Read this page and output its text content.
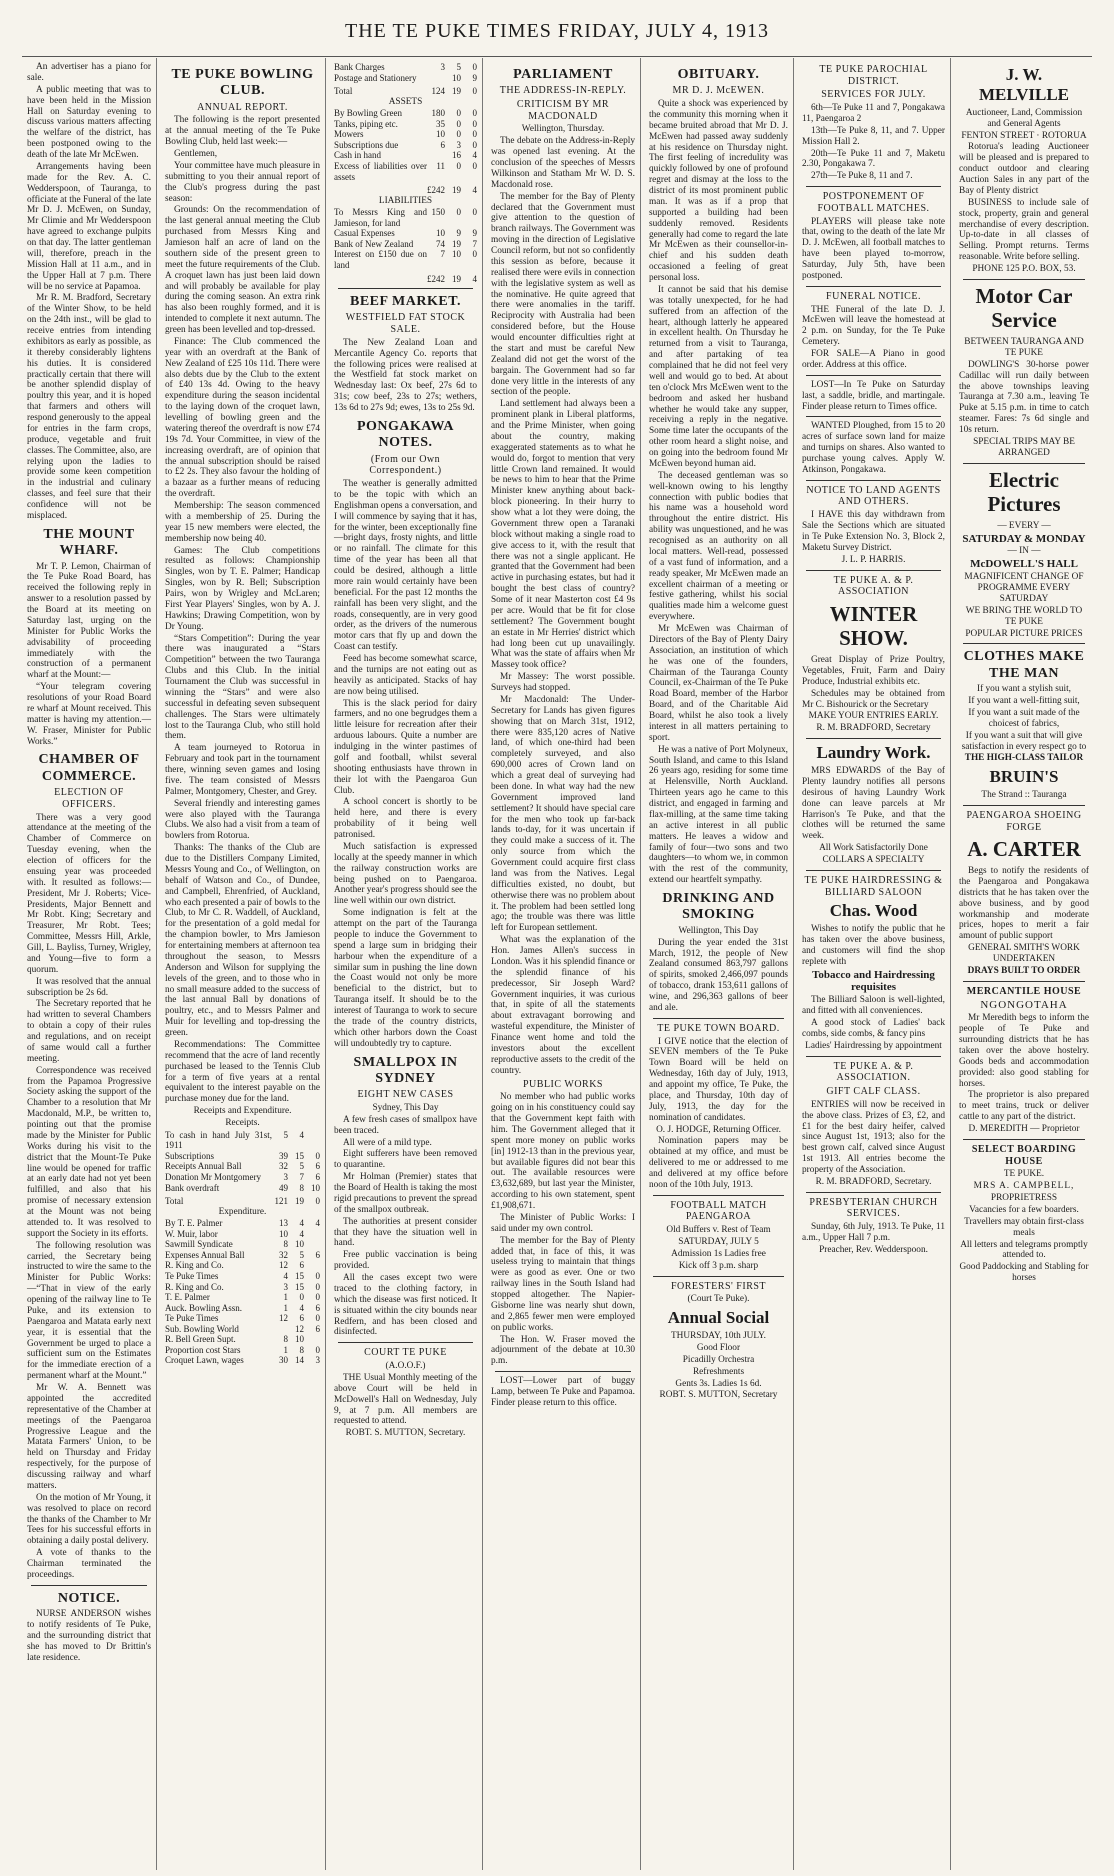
THE TE PUKE TIMES FRIDAY, JULY 4, 1913

An advertiser has a piano for sale.

A public meeting that was to have been held in the Mission Hall on Saturday evening to discuss various matters affecting the welfare of the district, has been postponed owing to the death of the late Mr McEwen.

Arrangements having been made for the Rev. A. C. Wedderspoon, of Tauranga, to officiate at the Funeral of the late Mr D. J. McEwen, on Sunday, Mr Climie and Mr Wedderspoon have agreed to exchange pulpits on that day. The latter gentleman will, therefore, preach in the Mission Hall at 11 a.m., and in the Upper Hall at 7 p.m. There will be no service at Papamoa.

Mr R. M. Bradford, Secretary of the Winter Show, to be held on the 24th inst., will be glad to receive entries from intending exhibitors as early as possible, as it thereby considerably lightens his duties. It is considered practically certain that there will be another splendid display of poultry this year, and it is hoped that farmers and others will respond generously to the appeal for entries in the farm crops, produce, vegetable and fruit classes. The Committee, also, are relying upon the ladies to provide some keen competition in the industrial and culinary classes, and feel sure that their confidence will not be misplaced.

THE MOUNT WHARF.

Mr T. P. Lemon, Chairman of the Te Puke Road Board, has received the following reply in answer to a resolution passed by the Board at its meeting on Saturday last, urging on the Minister for Public Works the advisability of proceeding immediately with the construction of a permanent wharf at the Mount:—

“Your telegram covering resolutions of your Road Board re wharf at Mount received. This matter is having my attention.—W. Fraser, Minister for Public Works.”

CHAMBER OF COMMERCE.
ELECTION OF OFFICERS.

There was a very good attendance at the meeting of the Chamber of Commerce on Tuesday evening, when the election of officers for the ensuing year was proceeded with. It resulted as follows:—President, Mr J. Roberts; Vice-Presidents, Major Bennett and Mr Robt. King; Secretary and Treasurer, Mr Robt. Tees; Committee, Messrs Hill, Arkle, Gill, L. Bayliss, Turney, Wrigley, and Young—five to form a quorum.

It was resolved that the annual subscription be 2s 6d.

The Secretary reported that he had written to several Chambers to obtain a copy of their rules and regulations, and on receipt of same would call a further meeting.

Correspondence was received from the Papamoa Progressive Society asking the support of the Chamber to a resolution that Mr Macdonald, M.P., be written to, pointing out that the promise made by the Minister for Public Works during his visit to the district that the Mount-Te Puke line would be opened for traffic at an early date had not yet been fulfilled, and also that his promise of necessary extension at the Mount was not being attended to. It was resolved to support the Society in its efforts.

The following resolution was carried, the Secretary being instructed to wire the same to the Minister for Public Works:—“That in view of the early opening of the railway line to Te Puke, and its extension to Paengaroa and Matata early next year, it is essential that the Government be urged to place a sufficient sum on the Estimates for the immediate erection of a permanent wharf at the Mount.”

Mr W. A. Bennett was appointed the accredited representative of the Chamber at meetings of the Paengaroa Progressive League and the Matata Farmers' Union, to be held on Thursday and Friday respectively, for the purpose of discussing railway and wharf matters.

On the motion of Mr Young, it was resolved to place on record the thanks of the Chamber to Mr Tees for his successful efforts in obtaining a daily postal delivery.

A vote of thanks to the Chairman terminated the proceedings.

NOTICE.

NURSE ANDERSON wishes to notify residents of Te Puke, and the surrounding district that she has moved to Dr Brittin's late residence.

TE PUKE BOWLING CLUB.
ANNUAL REPORT.

The following is the report presented at the annual meeting of the Te Puke Bowling Club, held last week:—

Gentlemen,

Your committee have much pleasure in submitting to you their annual report of the Club's progress during the past season:

Grounds: On the recommendation of the last general annual meeting the Club purchased from Messrs King and Jamieson half an acre of land on the southern side of the present green to meet the future requirements of the Club. A croquet lawn has just been laid down and will probably be available for play during the coming season. An extra rink has also been roughly formed, and it is intended to complete it next autumn. The green has been levelled and top-dressed.

Finance: The Club commenced the year with an overdraft at the Bank of New Zealand of £25 10s 11d. There were also debts due by the Club to the extent of £40 13s 4d. Owing to the heavy expenditure during the season incidental to the laying down of the croquet lawn, levelling of bowling green and the watering thereof the overdraft is now £74 19s 7d. Your Committee, in view of the increasing overdraft, are of opinion that the annual subscription should be raised to £2 2s. They also favour the holding of a bazaar as a further means of reducing the overdraft.

Membership: The season commenced with a membership of 25. During the year 15 new members were elected, the membership now being 40.

Games: The Club competitions resulted as follows: Championship Singles, won by T. E. Palmer; Handicap Singles, won by R. Bell; Subscription Pairs, won by Wrigley and McLaren; First Year Players' Singles, won by A. J. Hawkins; Drawing Competition, won by Dr Young.

“Stars Competition”: During the year there was inaugurated a “Stars Competition” between the two Tauranga Clubs and this Club. In the initial Tournament the Club was successful in winning the “Stars” and were also successful in defeating seven subsequent challenges. The Stars were ultimately lost to the Tauranga Club, who still hold them.

A team journeyed to Rotorua in February and took part in the tournament there, winning seven games and losing five. The team consisted of Messrs Palmer, Montgomery, Chester, and Grey.

Several friendly and interesting games were also played with the Tauranga Clubs. We also had a visit from a team of bowlers from Rotorua.

Thanks: The thanks of the Club are due to the Distillers Company Limited, Messrs Young and Co., of Wellington, on behalf of Watson and Co., of Dundee, and Campbell, Ehrenfried, of Auckland, who each presented a pair of bowls to the Club, to Mr C. R. Waddell, of Auckland, for the presentation of a gold medal for the champion bowler, to Mrs Jamieson for entertaining members at afternoon tea throughout the season, to Messrs Anderson and Wilson for supplying the levels of the green, and to those who in no small measure added to the success of the last annual Ball by donations of poultry, etc., and to Messrs Palmer and Muir for levelling and top-dressing the green.

Recommendations: The Committee recommend that the acre of land recently purchased be leased to the Tennis Club for a term of five years at a rental equivalent to the interest payable on the purchase money due for the land.

Receipts and Expenditure.

Receipts.

To cash in hand July 31st, 1911	5	4	
Subscriptions	39	15	0
Receipts Annual Ball	32	5	6
Donation Mr Montgomery	3	7	6
Bank overdraft	49	8	10
Total	121	19	0

Expenditure.

By T. E. Palmer	13	4	4
W. Muir, labor	10	4	
Sawmill Syndicate	8	10	
Expenses Annual Ball	32	5	6
R. King and Co.	12	6	
Te Puke Times	4	15	0
R. King and Co.	3	15	0
T. E. Palmer	1	0	0
Auck. Bowling Assn.	1	4	6
Te Puke Times	12	6	0
Sub. Bowling World		12	6
R. Bell Green Supt.	8	10	
Proportion cost Stars	1	8	0
Croquet Lawn, wages	30	14	3
Bank Charges	3	5	0
Postage and Stationery		10	9
Total	124	19	0

ASSETS

By Bowling Green	180	0	0
Tanks, piping etc.	35	0	0
Mowers	10	0	0
Subscriptions due	6	3	0
Cash in hand		16	4
Excess of liabilities over assets	11	0	0
	£242	19	4

LIABILITIES

To Messrs King and Jamieson, for land	150	0	0
Casual Expenses	10	9	9
Bank of New Zealand	74	19	7
Interest on £150 due on land	7	10	0
	£242	19	4
BEEF MARKET.
WESTFIELD FAT STOCK SALE.

The New Zealand Loan and Mercantile Agency Co. reports that the following prices were realised at the Westfield fat stock market on Wednesday last: Ox beef, 27s 6d to 31s; cow beef, 23s to 27s; wethers, 13s 6d to 27s 9d; ewes, 13s to 25s 9d.

PONGAKAWA NOTES.
(From our Own Correspondent.)

The weather is generally admitted to be the topic with which an Englishman opens a conversation, and I will commence by saying that it has, for the winter, been exceptionally fine—bright days, frosty nights, and little or no rainfall. The climate for this time of the year has been all that could be desired, although a little more rain would certainly have been beneficial. For the past 12 months the rainfall has been very slight, and the roads, consequently, are in very good order, as the drivers of the numerous motor cars that fly up and down the Coast can testify.

Feed has become somewhat scarce, and the turnips are not eating out as heavily as anticipated. Stacks of hay are now being utilised.

This is the slack period for dairy farmers, and no one begrudges them a little leisure for recreation after their arduous labours. Quite a number are indulging in the winter pastimes of golf and football, whilst several shooting enthusiasts have thrown in their lot with the Paengaroa Gun Club.

A school concert is shortly to be held here, and there is every probability of it being well patronised.

Much satisfaction is expressed locally at the speedy manner in which the railway construction works are being pushed on to Paengaroa. Another year's progress should see the line well within our own district.

Some indignation is felt at the attempt on the part of the Tauranga people to induce the Government to spend a large sum in bridging their harbour when the expenditure of a similar sum in pushing the line down the Coast would not only be more beneficial to the district, but to Tauranga itself. It should be to the interest of Tauranga to work to secure the trade of the country districts, which other harbors down the Coast will undoubtedly try to capture.

SMALLPOX IN SYDNEY
EIGHT NEW CASES

Sydney, This Day

A few fresh cases of smallpox have been traced.

All were of a mild type.

Eight sufferers have been removed to quarantine.

Mr Holman (Premier) states that the Board of Health is taking the most rigid precautions to prevent the spread of the smallpox outbreak.

The authorities at present consider that they have the situation well in hand.

Free public vaccination is being provided.

All the cases except two were traced to the clothing factory, in which the disease was first noticed. It is situated within the city bounds near Redfern, and has been closed and disinfected.

COURT TE PUKE

(A.O.O.F.)

THE Usual Monthly meeting of the above Court will be held in McDowell's Hall on Wednesday, July 9, at 7 p.m. All members are requested to attend.

ROBT. S. MUTTON, Secretary.

PARLIAMENT
THE ADDRESS-IN-REPLY.
CRITICISM BY MR MACDONALD

Wellington, Thursday.

The debate on the Address-in-Reply was opened last evening. At the conclusion of the speeches of Messrs Wilkinson and Statham Mr W. D. S. Macdonald rose.

The member for the Bay of Plenty declared that the Government must give attention to the question of branch railways. The Government was moving in the direction of Legislative Council reform, but not so confidently this session as before, because it realised there were evils in connection with the legislative system as well as the nominative. He quite agreed that there were anomalies in the tariff. Reciprocity with Australia had been considered before, but the House would encounter difficulties right at the start and must be careful New Zealand did not get the worst of the bargain. The Government had so far done very little in the interests of any section of the people.

Land settlement had always been a prominent plank in Liberal platforms, and the Prime Minister, when going about the country, making exaggerated statements as to what he would do, forgot to mention that very little Crown land remained. It would be news to him to hear that the Prime Minister knew anything about back-block pioneering. In their hurry to show what a lot they were doing, the Government threw open a Taranaki block without making a single road to give access to it, with the result that there was not a single applicant. He granted that the Government had been active in purchasing estates, but had it bought the best class of country? Some of it near Masterton cost £4 9s per acre. Would that be fit for close settlement? The Government bought an estate in Mr Herries' district which had long been cut up unavailingly. What was the state of affairs when Mr Massey took office?

Mr Massey: The worst possible. Surveys had stopped.

Mr Macdonald: The Under-Secretary for Lands has given figures showing that on March 31st, 1912, there were 835,120 acres of Native land, of which one-third had been completely surveyed, and also 690,000 acres of Crown land on which a great deal of surveying had been done. In what way had the new Government improved land settlement? It should have special care for the men who took up far-back lands to-day, for it was uncertain if they could make a success of it. The only source from which the Government could acquire first class land was from the Natives. Legal difficulties existed, no doubt, but otherwise there was no problem about it. The problem had been settled long ago; the trouble was there was little left for European settlement.

What was the explanation of the Hon. James Allen's success in London. Was it his splendid finance or the splendid finance of his predecessor, Sir Joseph Ward? Government inquiries, it was curious that, in spite of all the statements about extravagant borrowing and wasteful expenditure, the Minister of Finance went home and told the investors about the excellent reproductive assets to the credit of the country.

PUBLIC WORKS

No member who had public works going on in his constituency could say that the Government kept faith with him. The Government alleged that it spent more money on public works [in] 1912-13 than in the previous year, but available figures did not bear this out. The available resources were £3,632,689, but last year the Minister, according to his own statement, spent £1,908,671.

The Minister of Public Works: I said under my own control.

The member for the Bay of Plenty added that, in face of this, it was useless trying to maintain that things were as good as ever. One or two railway lines in the South Island had stopped altogether. The Napier-Gisborne line was nearly shut down, and 2,865 fewer men were employed on public works.

The Hon. W. Fraser moved the adjournment of the debate at 10.30 p.m.

LOST—Lower part of buggy Lamp, between Te Puke and Papamoa. Finder please return to this office.

OBITUARY.
MR D. J. McEWEN.

Quite a shock was experienced by the community this morning when it became bruited abroad that Mr D. J. McEwen had passed away suddenly at his residence on Thursday night. The first feeling of incredulity was quickly followed by one of profound regret and dismay at the loss to the district of its most prominent public man. It was as if a prop that supported a building had been suddenly removed. Residents generally had come to regard the late Mr McEwen as their counsellor-in-chief and his sudden death occasioned a feeling of great personal loss.

It cannot be said that his demise was totally unexpected, for he had suffered from an affection of the heart, although latterly he appeared in excellent health. On Thursday he returned from a visit to Tauranga, and after partaking of tea complained that he did not feel very well and would go to bed. At about ten o'clock Mrs McEwen went to the bedroom and asked her husband whether he would take any supper, receiving a reply in the negative. Some time later the occupants of the other room heard a slight noise, and on going into the bedroom found Mr McEwen beyond human aid.

The deceased gentleman was so well-known owing to his lengthy connection with public bodies that his name was a household word throughout the entire district. His ability was unquestioned, and he was recognised as an authority on all local matters. Well-read, possessed of a vast fund of information, and a ready speaker, Mr McEwen made an excellent chairman of a meeting or festive gathering, whilst his social qualities made him a welcome guest everywhere.

Mr McEwen was Chairman of Directors of the Bay of Plenty Dairy Association, an institution of which he was one of the founders, Chairman of the Tauranga County Council, ex-Chairman of the Te Puke Road Board, member of the Harbor Board, and of the Charitable Aid Board, whilst he also took a lively interest in all matters pertaining to sport.

He was a native of Port Molyneux, South Island, and came to this Island 26 years ago, residing for some time at Helensville, North Auckland. Thirteen years ago he came to this district, and engaged in farming and flax-milling, at the same time taking an active interest in all public matters. He leaves a widow and family of four—two sons and two daughters—to whom we, in common with the rest of the community, extend our heartfelt sympathy.

DRINKING AND SMOKING

Wellington, This Day

During the year ended the 31st March, 1912, the people of New Zealand consumed 863,797 gallons of spirits, smoked 2,466,097 pounds of tobacco, drank 153,611 gallons of wine, and 296,363 gallons of beer and ale.

TE PUKE TOWN BOARD.

I GIVE notice that the election of SEVEN members of the Te Puke Town Board will be held on Wednesday, 16th day of July, 1913, and appoint my office, Te Puke, the place, and Thursday, 10th day of July, 1913, the day for the nomination of candidates.

O. J. HODGE, Returning Officer.

Nomination papers may be obtained at my office, and must be delivered to me or addressed to me and delivered at my office before noon of the 10th July, 1913.

FOOTBALL MATCH PAENGAROA

Old Buffers v. Rest of Team

SATURDAY, JULY 5

Admission 1s Ladies free

Kick off 3 p.m. sharp

FORESTERS' FIRST

(Court Te Puke).

Annual Social

THURSDAY, 10th JULY.

Good Floor

Picadilly Orchestra

Refreshments

Gents 3s. Ladies 1s 6d.

ROBT. S. MUTTON, Secretary

TE PUKE PAROCHIAL DISTRICT.
SERVICES FOR JULY.

6th—Te Puke 11 and 7, Pongakawa 11, Paengaroa 2

13th—Te Puke 8, 11, and 7. Upper Mission Hall 2.

20th—Te Puke 11 and 7, Maketu 2.30, Pongakawa 7.

27th—Te Puke 8, 11 and 7.

POSTPONEMENT OF FOOTBALL MATCHES.

PLAYERS will please take note that, owing to the death of the late Mr D. J. McEwen, all football matches to have been played to-morrow, Saturday, July 5th, have been postponed.

FUNERAL NOTICE.

THE Funeral of the late D. J. McEwen will leave the homestead at 2 p.m. on Sunday, for the Te Puke Cemetery.

FOR SALE—A Piano in good order. Address at this office.

LOST—In Te Puke on Saturday last, a saddle, bridle, and martingale. Finder please return to Times office.

WANTED Ploughed, from 15 to 20 acres of surface sown land for maize and turnips on shares. Also wanted to purchase young calves. Apply W. Atkinson, Pongakawa.

NOTICE TO LAND AGENTS AND OTHERS.

I HAVE this day withdrawn from Sale the Sections which are situated in Te Puke Extension No. 3, Block 2, Maketu Survey District.

J. L. P. HARRIS.

TE PUKE A. & P. ASSOCIATION

WINTER SHOW.

Great Display of Prize Poultry, Vegetables, Fruit, Farm and Dairy Produce, Industrial exhibits etc.

Schedules may be obtained from Mr C. Bishourick or the Secretary

MAKE YOUR ENTRIES EARLY.

R. M. BRADFORD, Secretary

Laundry Work.

MRS EDWARDS of the Bay of Plenty laundry notifies all persons desirous of having Laundry Work done can leave parcels at Mr Harrison's Te Puke, and that the clothes will be returned the same week.

All Work Satisfactorily Done

COLLARS A SPECIALTY

TE PUKE HAIRDRESSING & BILLIARD SALOON

Chas. Wood

Wishes to notify the public that he has taken over the above business, and customers will find the shop replete with

Tobacco and Hairdressing requisites

The Billiard Saloon is well-lighted, and fitted with all conveniences.

A good stock of Ladies' back combs, side combs, & fancy pins

Ladies' Hairdressing by appointment

TE PUKE A. & P. ASSOCIATION.
GIFT CALF CLASS.

ENTRIES will now be received in the above class. Prizes of £3, £2, and £1 for the best dairy heifer, calved since August 1st, 1913; also for the best grown calf, calved since August 1st 1913. All entries become the property of the Association.

R. M. BRADFORD, Secretary.

PRESBYTERIAN CHURCH SERVICES.

Sunday, 6th July, 1913. Te Puke, 11 a.m., Upper Hall 7 p.m.

Preacher, Rev. Wedderspoon.

J. W. MELVILLE

Auctioneer, Land, Commission and General Agents

FENTON STREET · ROTORUA

Rotorua's leading Auctioneer will be pleased and is prepared to conduct outdoor and clearing Auction Sales in any part of the Bay of Plenty district

BUSINESS to include sale of stock, property, grain and general merchandise of every description. Up-to-date in all classes of Selling. Prompt returns. Terms reasonable. Write before selling.

PHONE 125 P.O. BOX, 53.

Motor Car Service

BETWEEN TAURANGA AND TE PUKE

DOWLING'S 30-horse power Cadillac will run daily between the above townships leaving Tauranga at 7.30 a.m., leaving Te Puke at 5.15 p.m. in time to catch steamer. Fares: 7s 6d single and 10s return.

SPECIAL TRIPS MAY BE ARRANGED

Electric Pictures

— EVERY —

SATURDAY & MONDAY

— IN —

McDOWELL'S HALL

MAGNIFICENT CHANGE OF PROGRAMME EVERY SATURDAY

WE BRING THE WORLD TO TE PUKE

POPULAR PICTURE PRICES

CLOTHES MAKE THE MAN

If you want a stylish suit,

If you want a well-fitting suit,

If you want a suit made of the choicest of fabrics,

If you want a suit that will give satisfaction in every respect go to

THE HIGH-CLASS TAILOR

BRUIN'S

The Strand :: Tauranga

PAENGAROA SHOEING FORGE

A. CARTER

Begs to notify the residents of the Paengaroa and Pongakawa districts that he has taken over the above business, and by good workmanship and moderate prices, hopes to merit a fair amount of public support

GENERAL SMITH'S WORK UNDERTAKEN

DRAYS BUILT TO ORDER

MERCANTILE HOUSE

NGONGOTAHA

Mr Meredith begs to inform the people of Te Puke and surrounding districts that he has taken over the above hostelry. Goods beds and accommodation provided: also good stabling for horses.

The proprietor is also prepared to meet trains, truck or deliver cattle to any part of the district.

D. MEREDITH — Proprietor

SELECT BOARDING HOUSE

TE PUKE.

MRS A. CAMPBELL,

PROPRIETRESS

Vacancies for a few boarders.

Travellers may obtain first-class meals

All letters and telegrams promptly attended to.

Good Paddocking and Stabling for horses
